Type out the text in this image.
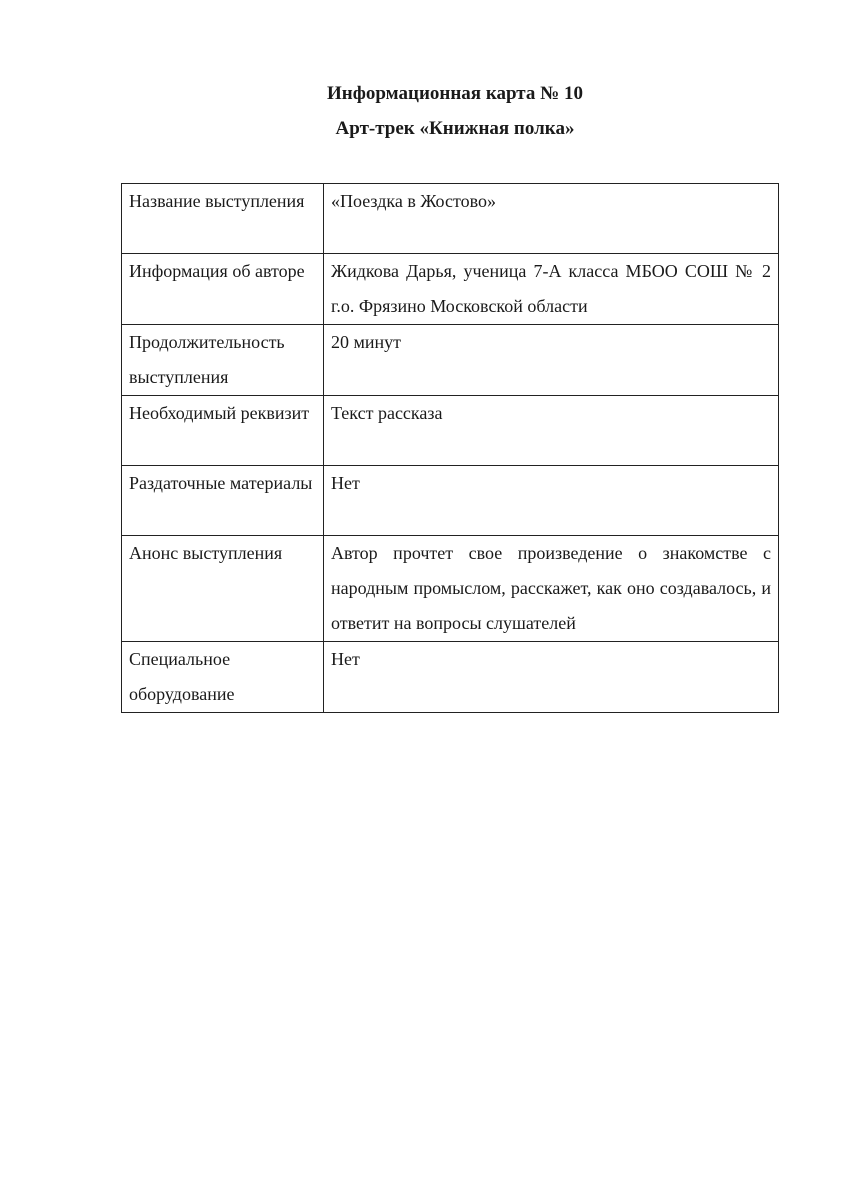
Информационная карта № 10
Арт-трек «Книжная полка»
Название выступления	«Поездка в Жостово»
Информация об авторе	Жидкова Дарья, ученица 7-А класса МБОО СОШ № 2 г.о. Фрязино Московской области
Продолжительность выступления	20 минут
Необходимый реквизит	Текст рассказа
Раздаточные материалы	Нет
Анонс выступления	Автор прочтет свое произведение о знакомстве с народным промыслом, расскажет, как оно создавалось, и ответит на вопросы слушателей
Специальное оборудование	Нет
